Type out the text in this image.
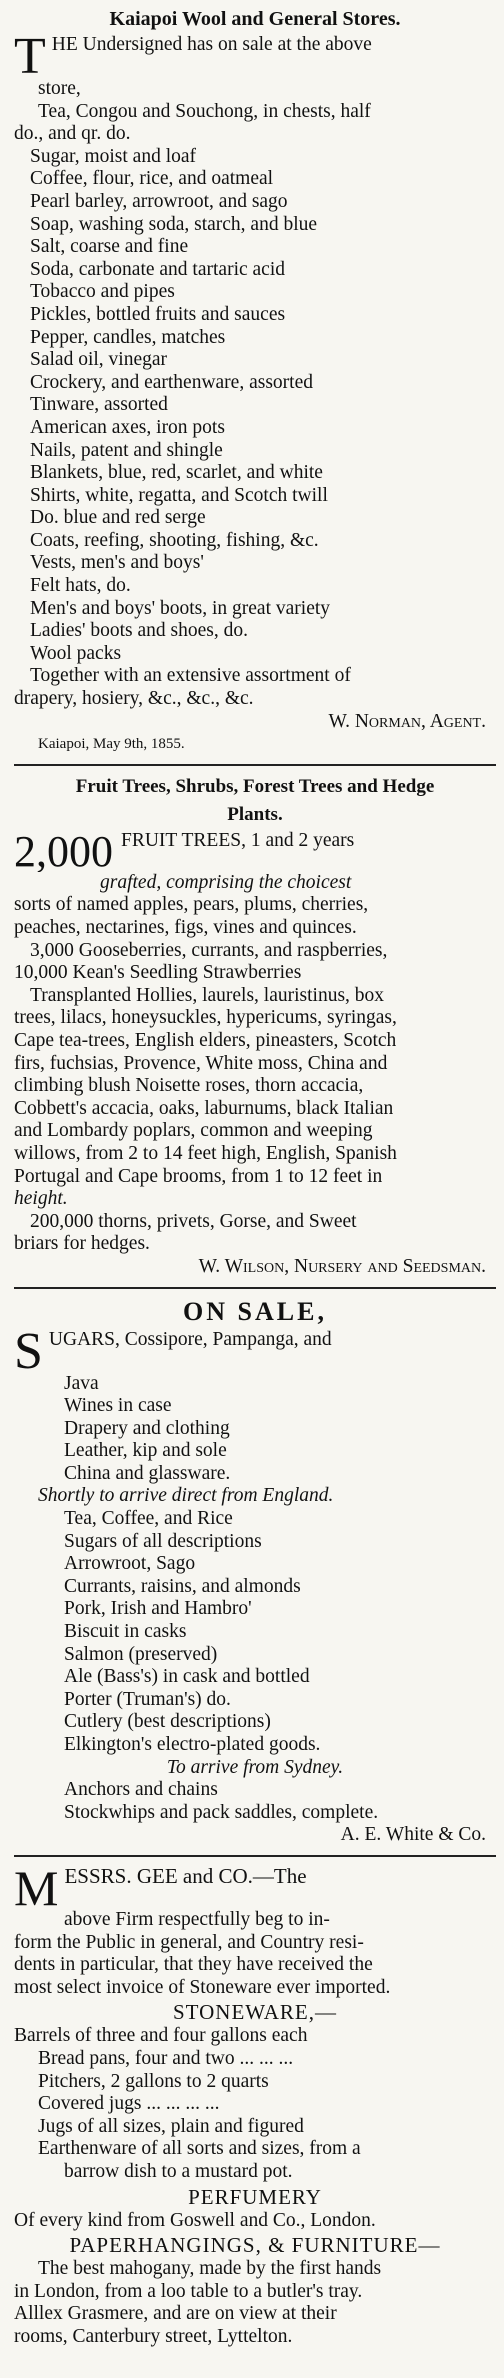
Kaiapoi Wool and General Stores.
T HE Undersigned has on sale at the above
store,
Tea, Congou and Souchong, in chests, half
do., and qr. do.
Sugar, moist and loaf
Coffee, flour, rice, and oatmeal
Pearl barley, arrowroot, and sago
Soap, washing soda, starch, and blue
Salt, coarse and fine
Soda, carbonate and tartaric acid
Tobacco and pipes
Pickles, bottled fruits and sauces
Pepper, candles, matches
Salad oil, vinegar
Crockery, and earthenware, assorted
Tinware, assorted
American axes, iron pots
Nails, patent and shingle
Blankets, blue, red, scarlet, and white
Shirts, white, regatta, and Scotch twill
Do. blue and red serge
Coats, reefing, shooting, fishing, &c.
Vests, men's and boys'
Felt hats, do.
Men's and boys' boots, in great variety
Ladies' boots and shoes, do.
Wool packs
Together with an extensive assortment of
drapery, hosiery, &c., &c., &c.
W. Norman, Agent.
Kaiapoi, May 9th, 1855.
Fruit Trees, Shrubs, Forest Trees and Hedge
Plants.
2,000 FRUIT TREES, 1 and 2 years
grafted, comprising the choicest
sorts of named apples, pears, plums, cherries,
peaches, nectarines, figs, vines and quinces.
3,000 Gooseberries, currants, and raspberries,
10,000 Kean's Seedling Strawberries
Transplanted Hollies, laurels, lauristinus, box
trees, lilacs, honeysuckles, hypericums, syringas,
Cape tea-trees, English elders, pineasters, Scotch
firs, fuchsias, Provence, White moss, China and
climbing blush Noisette roses, thorn accacia,
Cobbett's accacia, oaks, laburnums, black Italian
and Lombardy poplars, common and weeping
willows, from 2 to 14 feet high, English, Spanish
Portugal and Cape brooms, from 1 to 12 feet in
height.
200,000 thorns, privets, Gorse, and Sweet
briars for hedges.
W. Wilson, Nursery and Seedsman.
ON SALE,
S UGARS, Cossipore, Pampanga, and
Java
Wines in case
Drapery and clothing
Leather, kip and sole
China and glassware.
Shortly to arrive direct from England.
Tea, Coffee, and Rice
Sugars of all descriptions
Arrowroot, Sago
Currants, raisins, and almonds
Pork, Irish and Hambro'
Biscuit in casks
Salmon (preserved)
Ale (Bass's) in cask and bottled
Porter (Truman's) do.
Cutlery (best descriptions)
Elkington's electro-plated goods.
To arrive from Sydney.
Anchors and chains
Stockwhips and pack saddles, complete.
A. E. White & Co.
M ESSRS. GEE and CO.—The
above Firm respectfully beg to in-
form the Public in general, and Country resi-
dents in particular, that they have received the
most select invoice of Stoneware ever imported.
STONEWARE,—
Barrels of three and four gallons each
Bread pans, four and two ... ... ...
Pitchers, 2 gallons to 2 quarts
Covered jugs ... ... ... ...
Jugs of all sizes, plain and figured
Earthenware of all sorts and sizes, from a
barrow dish to a mustard pot.
PERFUMERY
Of every kind from Goswell and Co., London.
PAPERHANGINGS, & FURNITURE—
The best mahogany, made by the first hands
in London, from a loo table to a butler's tray.
Alllex Grasmere, and are on view at their
rooms, Canterbury street, Lyttelton.
